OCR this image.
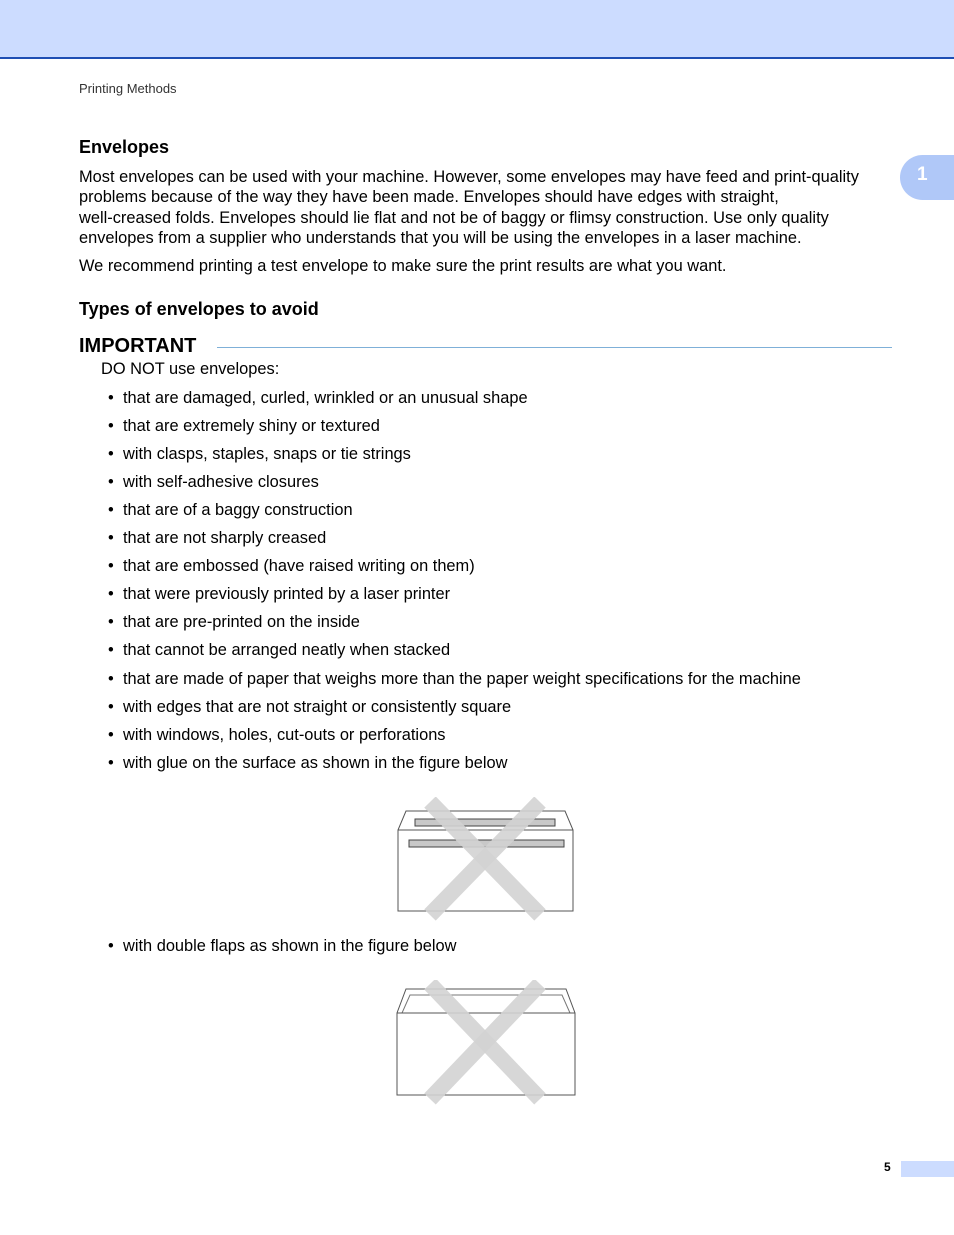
Printing Methods
1
Envelopes

Most envelopes can be used with your machine. However, some envelopes may have feed and print-quality
problems because of the way they have been made. Envelopes should have edges with straight,
well-creased folds. Envelopes should lie flat and not be of baggy or flimsy construction. Use only quality
envelopes from a supplier who understands that you will be using the envelopes in a laser machine.

We recommend printing a test envelope to make sure the print results are what you want.

Types of envelopes to avoid
IMPORTANT
DO NOT use envelopes:
• that are damaged, curled, wrinkled or an unusual shape
• that are extremely shiny or textured
• with clasps, staples, snaps or tie strings
• with self-adhesive closures
• that are of a baggy construction
• that are not sharply creased
• that are embossed (have raised writing on them)
• that were previously printed by a laser printer
• that are pre-printed on the inside
• that cannot be arranged neatly when stacked
• that are made of paper that weighs more than the paper weight specifications for the machine
• with edges that are not straight or consistently square
• with windows, holes, cut-outs or perforations
• with glue on the surface as shown in the figure below
• with double flaps as shown in the figure below
5
